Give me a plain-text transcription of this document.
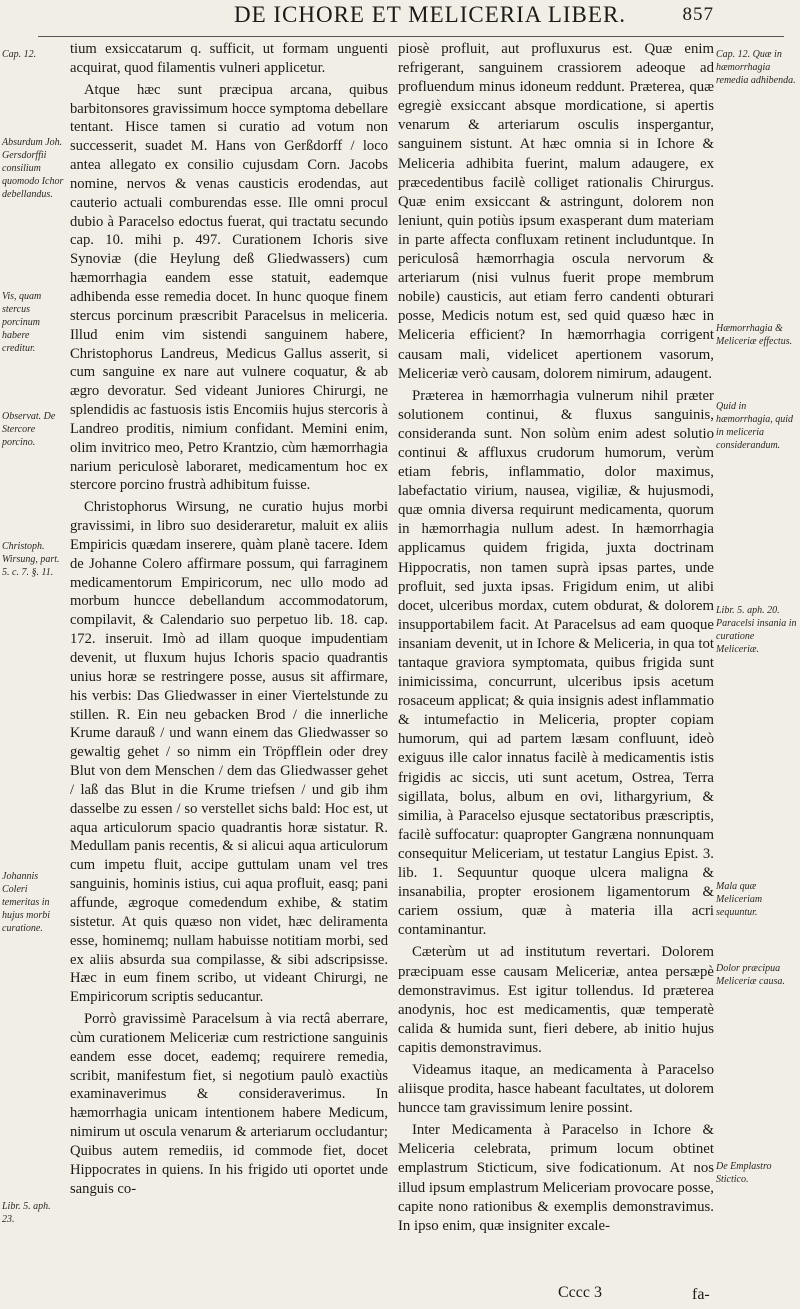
DE ICHORE ET MELICERIA LIBER.	857
Cap. 12.
Absurdum Joh. Gersdorffii consilium quomodo Ichor debellandus.
Vis, quam stercus porcinum habere creditur.
Observat. De Stercore porcino.
Christoph. Wirsung, part. 5. c. 7. §. 11.
Johannis Coleri temeritas in hujus morbi curatione.
Libr. 5. aph. 23.
Cap. 12. Quæ in hæmorrhagia remedia adhibenda.
Hæmorrhagia & Meliceriæ effectus.
Quid in hæmorrhagia, quid in meliceria considerandum.
Libr. 5. aph. 20. Paracelsi insania in curatione Meliceriæ.
Mala quæ Meliceriam sequuntur.
Dolor præcipua Meliceriæ causa.
De Emplastro Stictico.

tium exsiccatarum q. sufficit, ut formam unguenti acquirat, quod filamentis vulneri applicetur.

Atque hæc sunt præcipua arcana, quibus barbitonsores gravissimum hocce symptoma debellare tentant. Hisce tamen si curatio ad votum non successerit, suadet M. Hans von Gerßdorff / loco antea allegato ex consilio cujusdam Corn. Jacobs nomine, nervos & venas causticis erodendas, aut cauterio actuali comburendas esse. Ille omni procul dubio à Paracelso edoctus fuerat, qui tractatu secundo cap. 10. mihi p. 497. Curationem Ichoris sive Synoviæ (die Heylung deß Gliedwassers) cum hæmorrhagia eandem esse statuit, eademque adhibenda esse remedia docet. In hunc quoque finem stercus porcinum præscribit Paracelsus in meliceria. Illud enim vim sistendi sanguinem habere, Christophorus Landreus, Medicus Gallus asserit, si cum sanguine ex nare aut vulnere coquatur, & ab ægro devoratur. Sed videant Juniores Chirurgi, ne splendidis ac fastuosis istis Encomiis hujus stercoris à Landreo proditis, nimium confidant. Memini enim, olim invitrico meo, Petro Krantzio, cùm hæmorrhagia narium periculosè laboraret, medicamentum hoc ex stercore porcino frustrà adhibitum fuisse.

Christophorus Wirsung, ne curatio hujus morbi gravissimi, in libro suo desideraretur, maluit ex aliis Empiricis quædam inserere, quàm planè tacere. Idem de Johanne Colero affirmare possum, qui farraginem medicamentorum Empiricorum, nec ullo modo ad morbum huncce debellandum accommodatorum, compilavit, & Calendario suo perpetuo lib. 18. cap. 172. inseruit. Imò ad illam quoque impudentiam devenit, ut fluxum hujus Ichoris spacio quadrantis unius horæ se restringere posse, ausus sit affirmare, his verbis: Das Gliedwasser in einer Viertelstunde zu stillen. R. Ein neu gebacken Brod / die innerliche Krume darauß / und wann einem das Gliedwasser so gewaltig gehet / so nimm ein Tröpfflein oder drey Blut von dem Menschen / dem das Gliedwasser gehet / laß das Blut in die Krume triefsen / und gib ihm dasselbe zu essen / so verstellet sichs bald: Hoc est, ut aqua articulorum spacio quadrantis horæ sistatur. R. Medullam panis recentis, & si alicui aqua articulorum cum impetu fluit, accipe guttulam unam vel tres sanguinis, hominis istius, cui aqua profluit, easq; pani affunde, ægroque comedendum exhibe, & statim sistetur. At quis quæso non videt, hæc deliramenta esse, hominemq; nullam habuisse notitiam morbi, sed ex aliis absurda sua compilasse, & sibi adscripsisse. Hæc in eum finem scribo, ut videant Chirurgi, ne Empiricorum scriptis seducantur.

Porrò gravissimè Paracelsum à via rectâ aberrare, cùm curationem Meliceriæ cum restrictione sanguinis eandem esse docet, eademq; requirere remedia, scribit, manifestum fiet, si negotium paulò exactiùs examinaverimus & consideraverimus. In hæmorrhagia unicam intentionem habere Medicum, nimirum ut oscula venarum & arteriarum occludantur; Quibus autem remediis, id commode fiet, docet Hippocrates in quiens. In his frigido uti oportet unde sanguis co-

piosè profluit, aut profluxurus est. Quæ enim refrigerant, sanguinem crassiorem adeoque ad profluendum minus idoneum reddunt. Præterea, quæ egregiè exsiccant absque mordicatione, si apertis venarum & arteriarum osculis inspergantur, sanguinem sistunt. At hæc omnia si in Ichore & Meliceria adhibita fuerint, malum adaugere, ex præcedentibus facilè colliget rationalis Chirurgus. Quæ enim exsiccant & astringunt, dolorem non leniunt, quin potiùs ipsum exasperant dum materiam in parte affecta confluxam retinent includuntque. In periculosâ hæmorrhagia oscula nervorum & arteriarum (nisi vulnus fuerit prope membrum nobile) causticis, aut etiam ferro candenti obturari posse, Medicis notum est, sed quid quæso hæc in Meliceria efficient? In hæmorrhagia corrigent causam mali, videlicet apertionem vasorum, Meliceriæ verò causam, dolorem nimirum, adaugent.

Præterea in hæmorrhagia vulnerum nihil præter solutionem continui, & fluxus sanguinis, consideranda sunt. Non solùm enim adest solutio continui & affluxus crudorum humorum, verùm etiam febris, inflammatio, dolor maximus, labefactatio virium, nausea, vigiliæ, & hujusmodi, quæ omnia diversa requirunt medicamenta, quorum in hæmorrhagia nullum adest. In hæmorrhagia applicamus quidem frigida, juxta doctrinam Hippocratis, non tamen suprà ipsas partes, unde profluit, sed juxta ipsas. Frigidum enim, ut alibi docet, ulceribus mordax, cutem obdurat, & dolorem insupportabilem facit. At Paracelsus ad eam quoque insaniam devenit, ut in Ichore & Meliceria, in qua tot tantaque graviora symptomata, quibus frigida sunt inimicissima, concurrunt, ulceribus ipsis acetum rosaceum applicat; & quia insignis adest inflammatio & intumefactio in Meliceria, propter copiam humorum, qui ad partem læsam confluunt, ideò exiguus ille calor innatus facilè à medicamentis istis frigidis ac siccis, uti sunt acetum, Ostrea, Terra sigillata, bolus, album en ovi, lithargyrium, & similia, à Paracelso ejusque sectatoribus præscriptis, facilè suffocatur: quapropter Gangræna nonnunquam consequitur Meliceriam, ut testatur Langius Epist. 3. lib. 1. Sequuntur quoque ulcera maligna & insanabilia, propter erosionem ligamentorum & cariem ossium, quæ à materia illa acri contaminantur.

Cæterùm ut ad institutum revertari. Dolorem præcipuam esse causam Meliceriæ, antea persæpè demonstravimus. Est igitur tollendus. Id præterea anodynis, hoc est medicamentis, quæ temperatè calida & humida sunt, fieri debere, ab initio hujus capitis demonstravimus.

Videamus itaque, an medicamenta à Paracelso aliisque prodita, hasce habeant facultates, ut dolorem huncce tam gravissimum lenire possint.

Inter Medicamenta à Paracelso in Ichore & Meliceria celebrata, primum locum obtinet emplastrum Sticticum, sive fodicationum. At nos illud ipsum emplastrum Meliceriam provocare posse, capite nono rationibus & exemplis demonstravimus. In ipso enim, quæ insigniter excale-

Cccc 3	fa-
